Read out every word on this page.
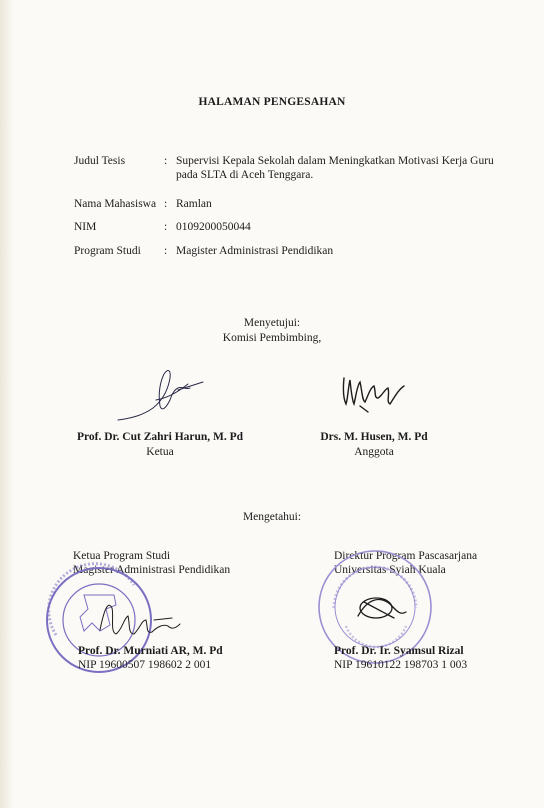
HALAMAN PENGESAHAN
Judul Tesis	: Supervisi Kepala Sekolah dalam Meningkatkan Motivasi Kerja Guru pada SLTA di Aceh Tenggara.
Nama Mahasiswa : Ramlan
NIM	: 0109200050044
Program Studi : Magister Administrasi Pendidikan
Menyetujui:
Komisi Pembimbing,
Prof. Dr. Cut Zahri Harun, M. Pd
Ketua
Drs. M. Husen, M. Pd
Anggota
Mengetahui:
Ketua Program Studi
Magister Administrasi Pendidikan
Direktur Program Pascasarjana
Universitas Syiah Kuala
Prof. Dr. Murniati AR, M. Pd
NIP 19600507 198602 2 001
Prof. Dr. Ir. Syamsul Rizal
NIP 19610122 198703 1 003
